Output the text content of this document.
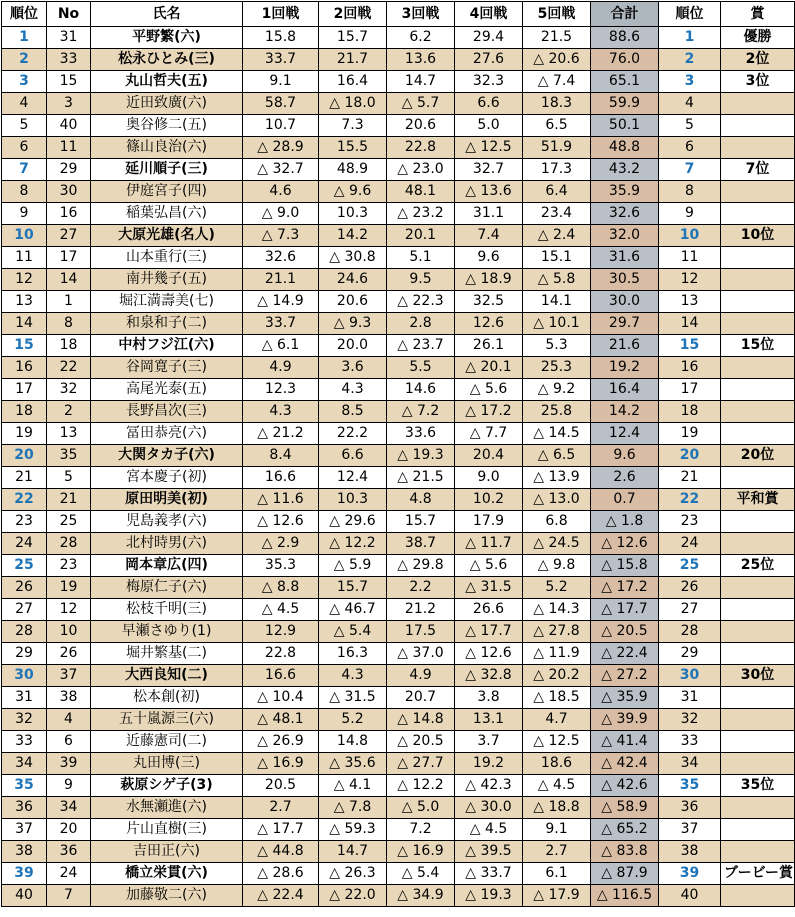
順位	No	氏名	1回戦	2回戦	3回戦	4回戦	5回戦	合計	順位	賞
1	31	平野繁(六)	15.8	15.7	6.2	29.4	21.5	88.6	1	優勝
2	33	松永ひとみ(三)	33.7	21.7	13.6	27.6	△ 20.6	76.0	2	2位
3	15	丸山哲夫(五)	9.1	16.4	14.7	32.3	△ 7.4	65.1	3	3位
4	3	近田致廣(六)	58.7	△ 18.0	△ 5.7	6.6	18.3	59.9	4	
5	40	奥谷修二(五)	10.7	7.3	20.6	5.0	6.5	50.1	5	
6	11	篠山良治(六)	△ 28.9	15.5	22.8	△ 12.5	51.9	48.8	6	
7	29	延川順子(三)	△ 32.7	48.9	△ 23.0	32.7	17.3	43.2	7	7位
8	30	伊庭宮子(四)	4.6	△ 9.6	48.1	△ 13.6	6.4	35.9	8	
9	16	稲葉弘昌(六)	△ 9.0	10.3	△ 23.2	31.1	23.4	32.6	9	
10	27	大原光雄(名人)	△ 7.3	14.2	20.1	7.4	△ 2.4	32.0	10	10位
11	17	山本重行(三)	32.6	△ 30.8	5.1	9.6	15.1	31.6	11	
12	14	南井幾子(五)	21.1	24.6	9.5	△ 18.9	△ 5.8	30.5	12	
13	1	堀江満壽美(七)	△ 14.9	20.6	△ 22.3	32.5	14.1	30.0	13	
14	8	和泉和子(二)	33.7	△ 9.3	2.8	12.6	△ 10.1	29.7	14	
15	18	中村フジ江(六)	△ 6.1	20.0	△ 23.7	26.1	5.3	21.6	15	15位
16	22	谷岡寛子(三)	4.9	3.6	5.5	△ 20.1	25.3	19.2	16	
17	32	高尾光泰(五)	12.3	4.3	14.6	△ 5.6	△ 9.2	16.4	17	
18	2	長野昌次(三)	4.3	8.5	△ 7.2	△ 17.2	25.8	14.2	18	
19	13	冨田恭亮(六)	△ 21.2	22.2	33.6	△ 7.7	△ 14.5	12.4	19	
20	35	大関タカ子(六)	8.4	6.6	△ 19.3	20.4	△ 6.5	9.6	20	20位
21	5	宮本慶子(初)	16.6	12.4	△ 21.5	9.0	△ 13.9	2.6	21	
22	21	原田明美(初)	△ 11.6	10.3	4.8	10.2	△ 13.0	0.7	22	平和賞
23	25	児島義孝(六)	△ 12.6	△ 29.6	15.7	17.9	6.8	△ 1.8	23	
24	28	北村時男(六)	△ 2.9	△ 12.2	38.7	△ 11.7	△ 24.5	△ 12.6	24	
25	23	岡本章広(四)	35.3	△ 5.9	△ 29.8	△ 5.6	△ 9.8	△ 15.8	25	25位
26	19	梅原仁子(六)	△ 8.8	15.7	2.2	△ 31.5	5.2	△ 17.2	26	
27	12	松枝千明(三)	△ 4.5	△ 46.7	21.2	26.6	△ 14.3	△ 17.7	27	
28	10	早瀬さゆり(1)	12.9	△ 5.4	17.5	△ 17.7	△ 27.8	△ 20.5	28	
29	26	堀井繁基(二)	22.8	16.3	△ 37.0	△ 12.6	△ 11.9	△ 22.4	29	
30	37	大西良知(二)	16.6	4.3	4.9	△ 32.8	△ 20.2	△ 27.2	30	30位
31	38	松本創(初)	△ 10.4	△ 31.5	20.7	3.8	△ 18.5	△ 35.9	31	
32	4	五十嵐源三(六)	△ 48.1	5.2	△ 14.8	13.1	4.7	△ 39.9	32	
33	6	近藤憲司(二)	△ 26.9	14.8	△ 20.5	3.7	△ 12.5	△ 41.4	33	
34	39	丸田博(三)	△ 16.9	△ 35.6	△ 27.7	19.2	18.6	△ 42.4	34	
35	9	萩原シゲ子(3)	20.5	△ 4.1	△ 12.2	△ 42.3	△ 4.5	△ 42.6	35	35位
36	34	水無瀬進(六)	2.7	△ 7.8	△ 5.0	△ 30.0	△ 18.8	△ 58.9	36	
37	20	片山直樹(三)	△ 17.7	△ 59.3	7.2	△ 4.5	9.1	△ 65.2	37	
38	36	吉田正(六)	△ 44.8	14.7	△ 16.9	△ 39.5	2.7	△ 83.8	38	
39	24	橋立栄貫(六)	△ 28.6	△ 26.3	△ 5.4	△ 33.7	6.1	△ 87.9	39	ブービー賞
40	7	加藤敬二(六)	△ 22.4	△ 22.0	△ 34.9	△ 19.3	△ 17.9	△ 116.5	40	
